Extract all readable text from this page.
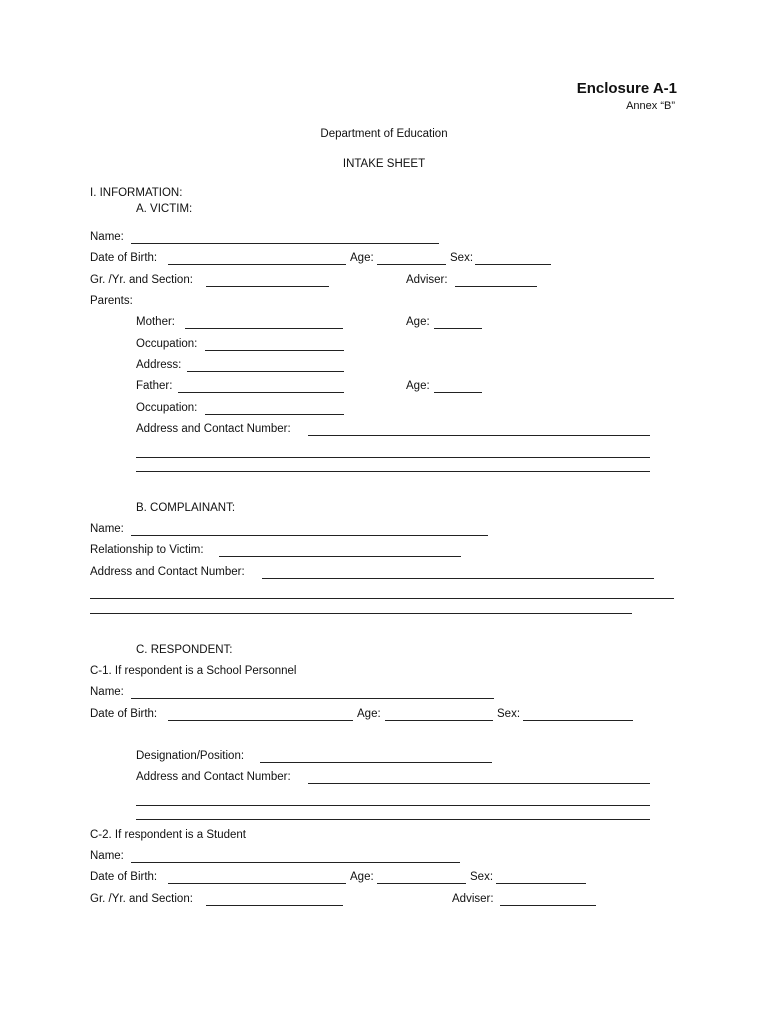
Enclosure A-1
Annex “B”
Department of Education
INTAKE SHEET
I. INFORMATION:
A. VICTIM:
Name:
Date of Birth:	Age:	Sex:
Gr. /Yr. and Section:	Adviser:
Parents:
Mother:	Age:
Occupation:
Address:
Father:	Age:
Occupation:
Address and Contact Number:
B. COMPLAINANT:
Name:
Relationship to Victim:
Address and Contact Number:
C. RESPONDENT:
C-1. If respondent is a School Personnel
Name:
Date of Birth:	Age:	Sex:
Designation/Position:
Address and Contact Number:
C-2. If respondent is a Student
Name:
Date of Birth:	Age:	Sex:
Gr. /Yr. and Section:	Adviser:
